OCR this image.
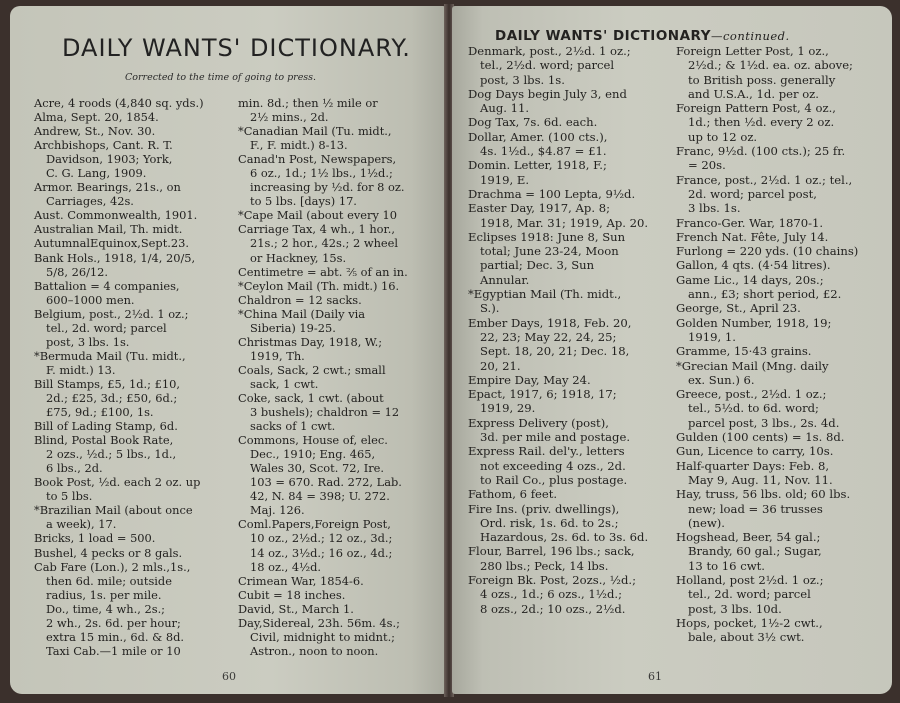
DAILY WANTS' DICTIONARY.
Corrected to the time of going to press.

Acre, 4 roods (4,840 sq. yds.)

Alma, Sept. 20, 1854.

Andrew, St., Nov. 30.

Archbishops, Cant. R. T.
Davidson, 1903; York,
C. G. Lang, 1909.

Armor. Bearings, 21s., on
Carriages, 42s.

Aust. Commonwealth, 1901.

Australian Mail, Th. midt.

AutumnalEquinox,Sept.23.

Bank Hols., 1918, 1/4, 20/5,
5/8, 26/12.

Battalion = 4 companies,
600–1000 men.

Belgium, post., 2½d. 1 oz.;
tel., 2d. word; parcel
post, 3 lbs. 1s.

*Bermuda Mail (Tu. midt.,
F. midt.) 13.

Bill Stamps, £5, 1d.; £10,
2d.; £25, 3d.; £50, 6d.;
£75, 9d.; £100, 1s.

Bill of Lading Stamp, 6d.

Blind, Postal Book Rate,
2 ozs., ½d.; 5 lbs., 1d.,
6 lbs., 2d.

Book Post, ½d. each 2 oz. up
to 5 lbs.

*Brazilian Mail (about once
a week), 17.

Bricks, 1 load = 500.

Bushel, 4 pecks or 8 gals.

Cab Fare (Lon.), 2 mls.,1s.,
then 6d. mile; outside
radius, 1s. per mile.
Do., time, 4 wh., 2s.;
2 wh., 2s. 6d. per hour;
extra 15 min., 6d. & 8d.
Taxi Cab.—1 mile or 10

min. 8d.; then ½ mile or
2½ mins., 2d.

*Canadian Mail (Tu. midt.,
F., F. midt.) 8-13.

Canad'n Post, Newspapers,
6 oz., 1d.; 1½ lbs., 1½d.;
increasing by ½d. for 8 oz.
to 5 lbs. [days) 17.

*Cape Mail (about every 10

Carriage Tax, 4 wh., 1 hor.,
21s.; 2 hor., 42s.; 2 wheel
or Hackney, 15s.

Centimetre = abt. ⅖ of an in.

*Ceylon Mail (Th. midt.) 16.

Chaldron = 12 sacks.

*China Mail (Daily via
Siberia) 19-25.

Christmas Day, 1918, W.;
1919, Th.

Coals, Sack, 2 cwt.; small
sack, 1 cwt.

Coke, sack, 1 cwt. (about
3 bushels); chaldron = 12
sacks of 1 cwt.

Commons, House of, elec.
Dec., 1910; Eng. 465,
Wales 30, Scot. 72, Ire.
103 = 670. Rad. 272, Lab.
42, N. 84 = 398; U. 272.
Maj. 126.

Coml.Papers,Foreign Post,
10 oz., 2½d.; 12 oz., 3d.;
14 oz., 3½d.; 16 oz., 4d.;
18 oz., 4½d.

Crimean War, 1854-6.

Cubit = 18 inches.

David, St., March 1.

Day,Sidereal, 23h. 56m. 4s.;
Civil, midnight to midnt.;
Astron., noon to noon.

60
DAILY WANTS' DICTIONARY—continued.

Denmark, post., 2½d. 1 oz.;
tel., 2½d. word; parcel
post, 3 lbs. 1s.

Dog Days begin July 3, end
Aug. 11.

Dog Tax, 7s. 6d. each.

Dollar, Amer. (100 cts.),
4s. 1½d., $4.87 = £1.

Domin. Letter, 1918, F.;
1919, E.

Drachma = 100 Lepta, 9½d.

Easter Day, 1917, Ap. 8;
1918, Mar. 31; 1919, Ap. 20.

Eclipses 1918: June 8, Sun
total; June 23-24, Moon
partial; Dec. 3, Sun
Annular.

*Egyptian Mail (Th. midt.,
S.).

Ember Days, 1918, Feb. 20,
22, 23; May 22, 24, 25;
Sept. 18, 20, 21; Dec. 18,
20, 21.

Empire Day, May 24.

Epact, 1917, 6; 1918, 17;
1919, 29.

Express Delivery (post),
3d. per mile and postage.

Express Rail. del'y., letters
not exceeding 4 ozs., 2d.
to Rail Co., plus postage.

Fathom, 6 feet.

Fire Ins. (priv. dwellings),
Ord. risk, 1s. 6d. to 2s.;
Hazardous, 2s. 6d. to 3s. 6d.

Flour, Barrel, 196 lbs.; sack,
280 lbs.; Peck, 14 lbs.

Foreign Bk. Post, 2ozs., ½d.;
4 ozs., 1d.; 6 ozs., 1½d.;
8 ozs., 2d.; 10 ozs., 2½d.

Foreign Letter Post, 1 oz.,
2½d.; & 1½d. ea. oz. above;
to British poss. generally
and U.S.A., 1d. per oz.

Foreign Pattern Post, 4 oz.,
1d.; then ½d. every 2 oz.
up to 12 oz.

Franc, 9½d. (100 cts.); 25 fr.
= 20s.

France, post., 2½d. 1 oz.; tel.,
2d. word; parcel post,
3 lbs. 1s.

Franco-Ger. War, 1870-1.

French Nat. Fête, July 14.

Furlong = 220 yds. (10 chains)

Gallon, 4 qts. (4·54 litres).

Game Lic., 14 days, 20s.;
ann., £3; short period, £2.

George, St., April 23.

Golden Number, 1918, 19;
1919, 1.

Gramme, 15·43 grains.

*Grecian Mail (Mng. daily
ex. Sun.) 6.

Greece, post., 2½d. 1 oz.;
tel., 5½d. to 6d. word;
parcel post, 3 lbs., 2s. 4d.

Gulden (100 cents) = 1s. 8d.

Gun, Licence to carry, 10s.

Half-quarter Days: Feb. 8,
May 9, Aug. 11, Nov. 11.

Hay, truss, 56 lbs. old; 60 lbs.
new; load = 36 trusses
(new).

Hogshead, Beer, 54 gal.;
Brandy, 60 gal.; Sugar,
13 to 16 cwt.

Holland, post 2½d. 1 oz.;
tel., 2d. word; parcel
post, 3 lbs. 10d.

Hops, pocket, 1½-2 cwt.,
bale, about 3½ cwt.

61
